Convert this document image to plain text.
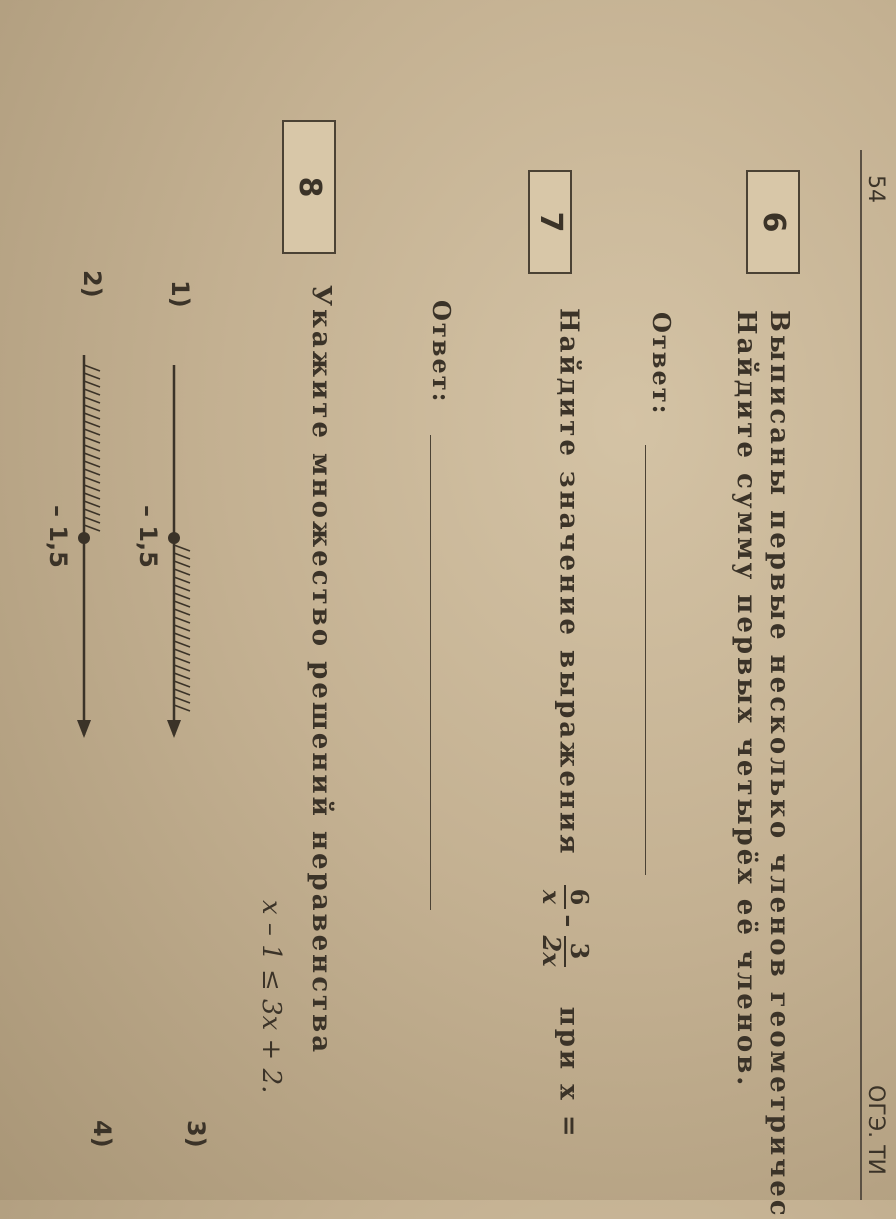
54
ОГЭ. ТИ
6
Выписаны первые несколько членов геометричес
Найдите сумму первых четырёх её членов.
Ответ:
7
Найдите значение выражения
6
x
–
3
2x
при x =
Ответ:
8
Укажите множество решений неравенства
x – 1 ≤ 3x + 2.
1)
2)
3)
4)
– 1,5
– 1,5
